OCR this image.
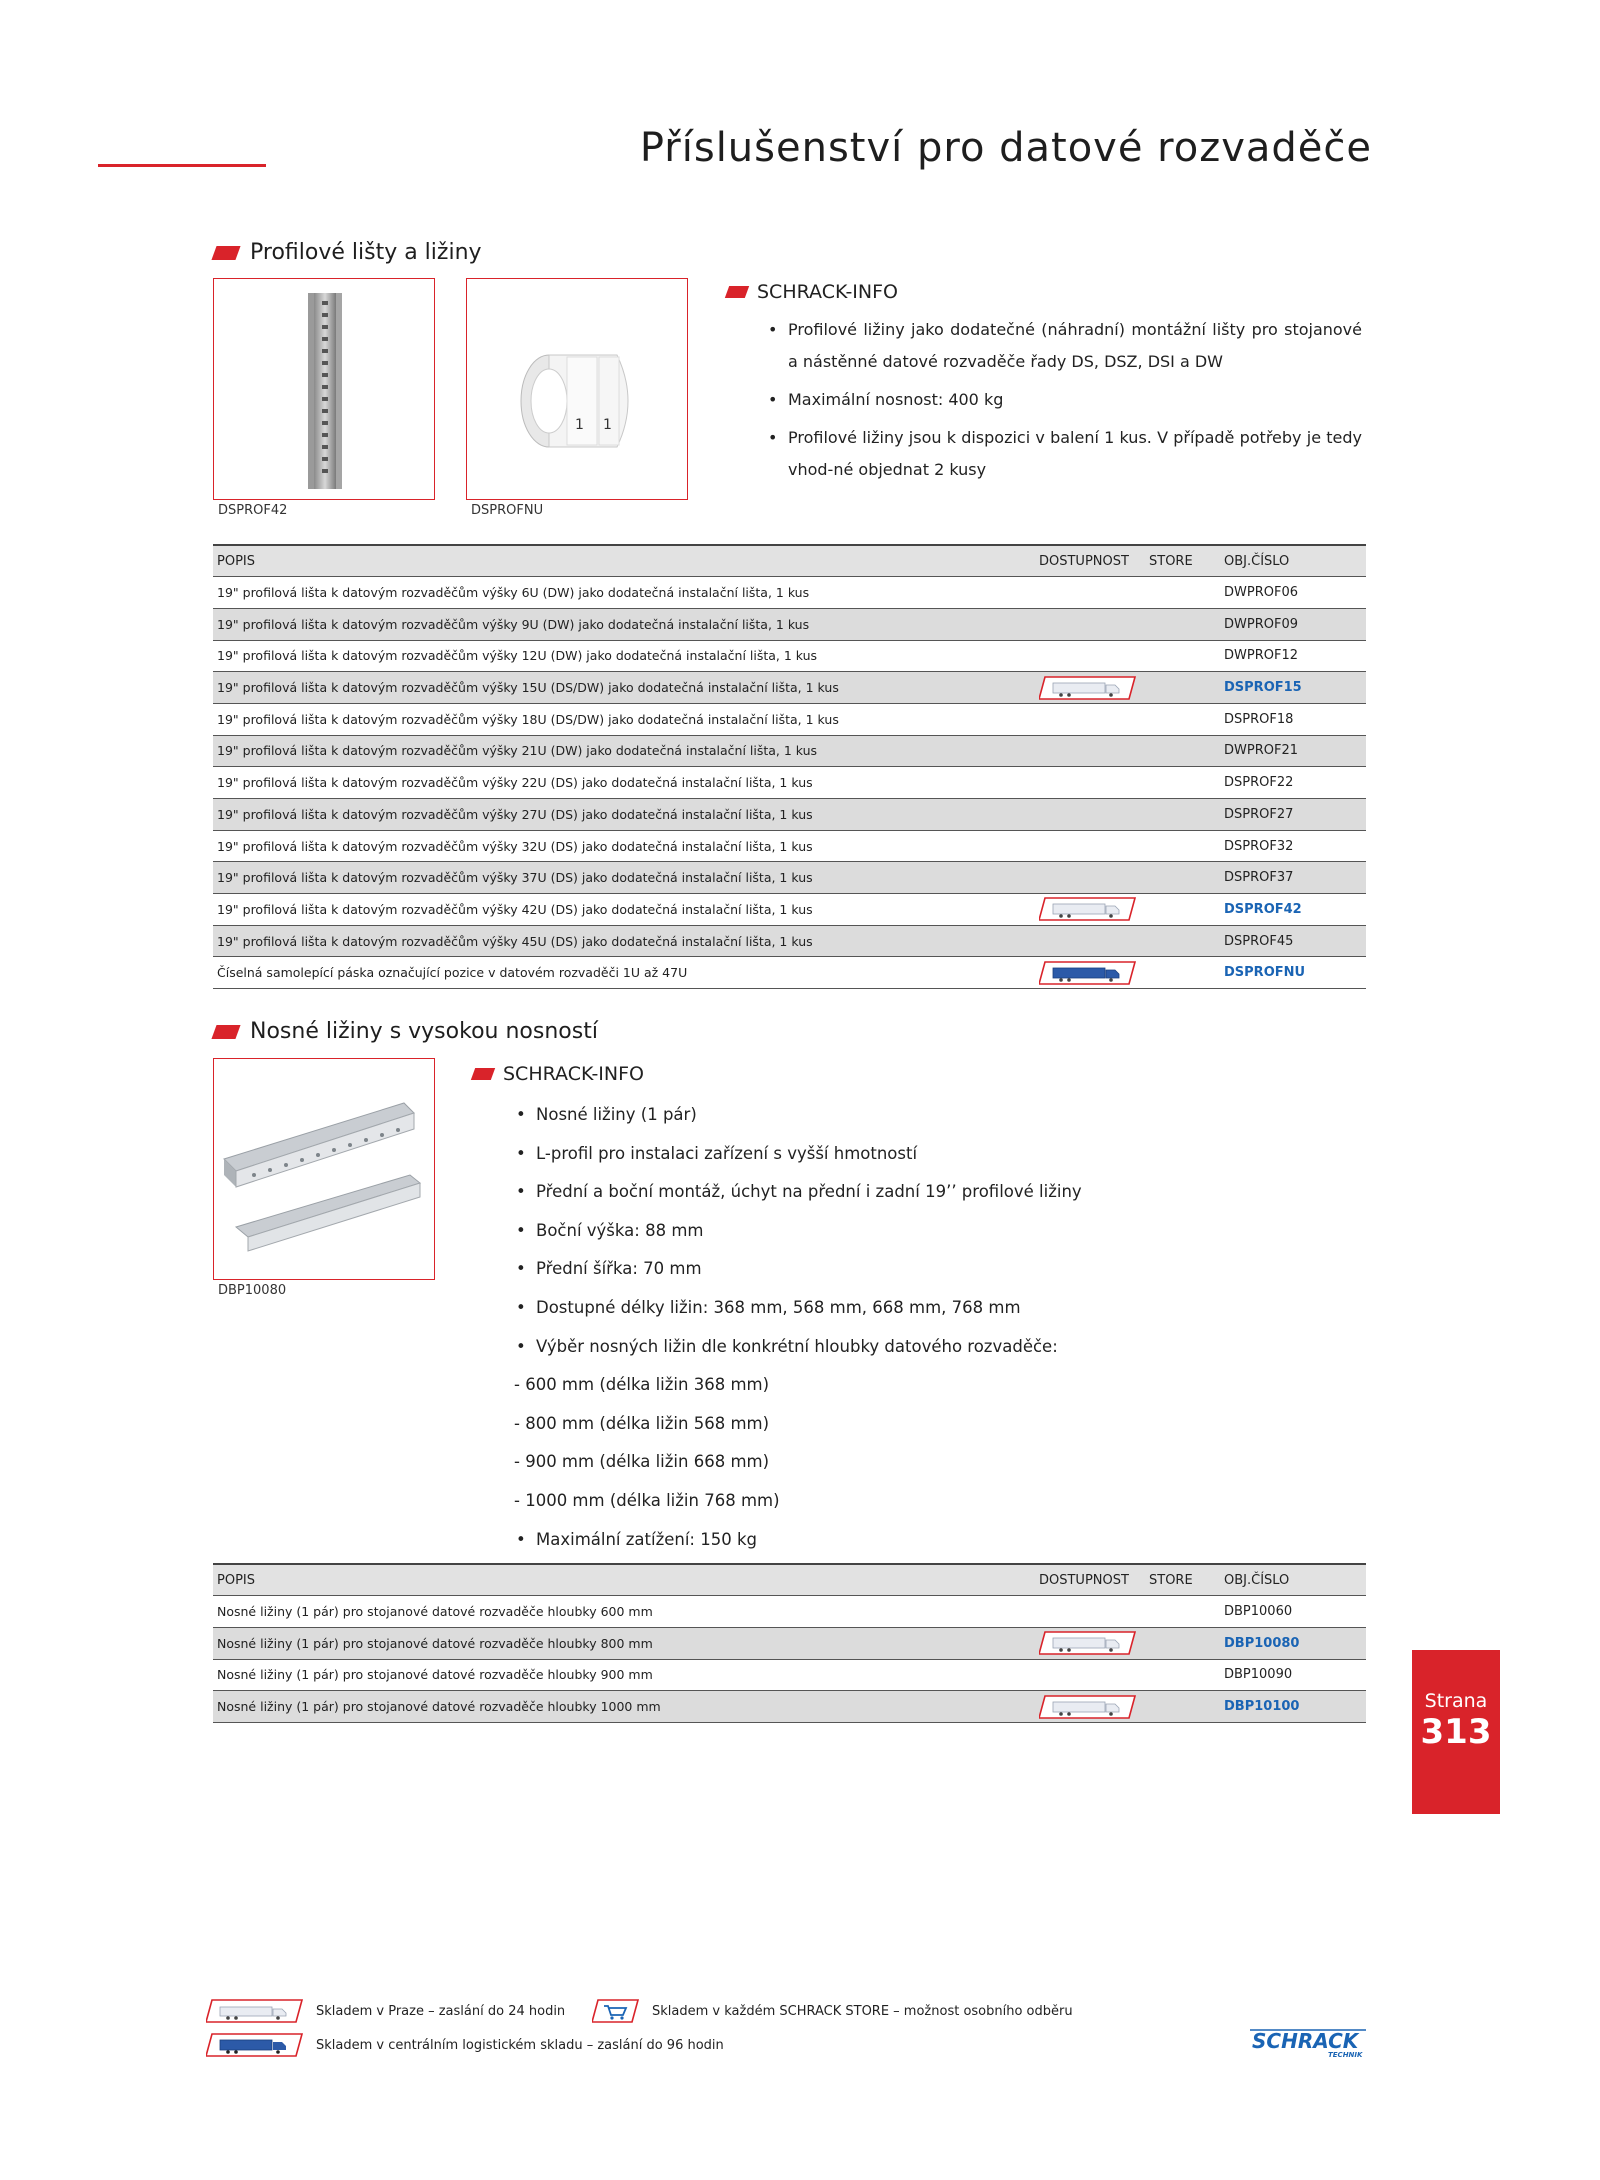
Příslušenství pro datové rozvaděče
Profilové lišty a ližiny
DSPROF42
1 1
DSPROFNU
SCHRACK-INFO
• Profilové ližiny jako dodatečné (náhradní) montážní lišty pro stojanové a nástěnné datové rozvaděče řady DS, DSZ, DSI a DW
• Maximální nosnost: 400 kg
• Profilové ližiny jsou k dispozici v balení 1 kus. V případě potřeby je tedy vhod-né objednat 2 kusy
POPIS	DOSTUPNOST	STORE	OBJ.ČÍSLO
19" profilová lišta k datovým rozvaděčům výšky 6U (DW) jako dodatečná instalační lišta, 1 kus			DWPROF06
19" profilová lišta k datovým rozvaděčům výšky 9U (DW) jako dodatečná instalační lišta, 1 kus			DWPROF09
19" profilová lišta k datovým rozvaděčům výšky 12U (DW) jako dodatečná instalační lišta, 1 kus			DWPROF12
19" profilová lišta k datovým rozvaděčům výšky 15U (DS/DW) jako dodatečná instalační lišta, 1 kus			DSPROF15
19" profilová lišta k datovým rozvaděčům výšky 18U (DS/DW) jako dodatečná instalační lišta, 1 kus			DSPROF18
19" profilová lišta k datovým rozvaděčům výšky 21U (DW) jako dodatečná instalační lišta, 1 kus			DWPROF21
19" profilová lišta k datovým rozvaděčům výšky 22U (DS) jako dodatečná instalační lišta, 1 kus			DSPROF22
19" profilová lišta k datovým rozvaděčům výšky 27U (DS) jako dodatečná instalační lišta, 1 kus			DSPROF27
19" profilová lišta k datovým rozvaděčům výšky 32U (DS) jako dodatečná instalační lišta, 1 kus			DSPROF32
19" profilová lišta k datovým rozvaděčům výšky 37U (DS) jako dodatečná instalační lišta, 1 kus			DSPROF37
19" profilová lišta k datovým rozvaděčům výšky 42U (DS) jako dodatečná instalační lišta, 1 kus			DSPROF42
19" profilová lišta k datovým rozvaděčům výšky 45U (DS) jako dodatečná instalační lišta, 1 kus			DSPROF45
Číselná samolepící páska označující pozice v datovém rozvaděči 1U až 47U			DSPROFNU
Nosné ližiny s vysokou nosností
DBP10080
SCHRACK-INFO
• Nosné ližiny (1 pár)
• L-profil pro instalaci zařízení s vyšší hmotností
• Přední a boční montáž, úchyt na přední i zadní 19’’ profilové ližiny
• Boční výška: 88 mm
• Přední šířka: 70 mm
• Dostupné délky ližin: 368 mm, 568 mm, 668 mm, 768 mm
• Výběr nosných ližin dle konkrétní hloubky datového rozvaděče:
- 600 mm (délka ližin 368 mm)
- 800 mm (délka ližin 568 mm)
- 900 mm (délka ližin 668 mm)
- 1000 mm (délka ližin 768 mm)
• Maximální zatížení: 150 kg
POPIS	DOSTUPNOST	STORE	OBJ.ČÍSLO
Nosné ližiny (1 pár) pro stojanové datové rozvaděče hloubky 600 mm			DBP10060
Nosné ližiny (1 pár) pro stojanové datové rozvaděče hloubky 800 mm			DBP10080
Nosné ližiny (1 pár) pro stojanové datové rozvaděče hloubky 900 mm			DBP10090
Nosné ližiny (1 pár) pro stojanové datové rozvaděče hloubky 1000 mm			DBP10100	Strana
313
Skladem v Praze – zaslání do 24 hodin	Skladem v každém SCHRACK STORE – možnost osobního odběru
Skladem v centrálním logistickém skladu – zaslání do 96 hodin	SCHRACK
TECHNIK
